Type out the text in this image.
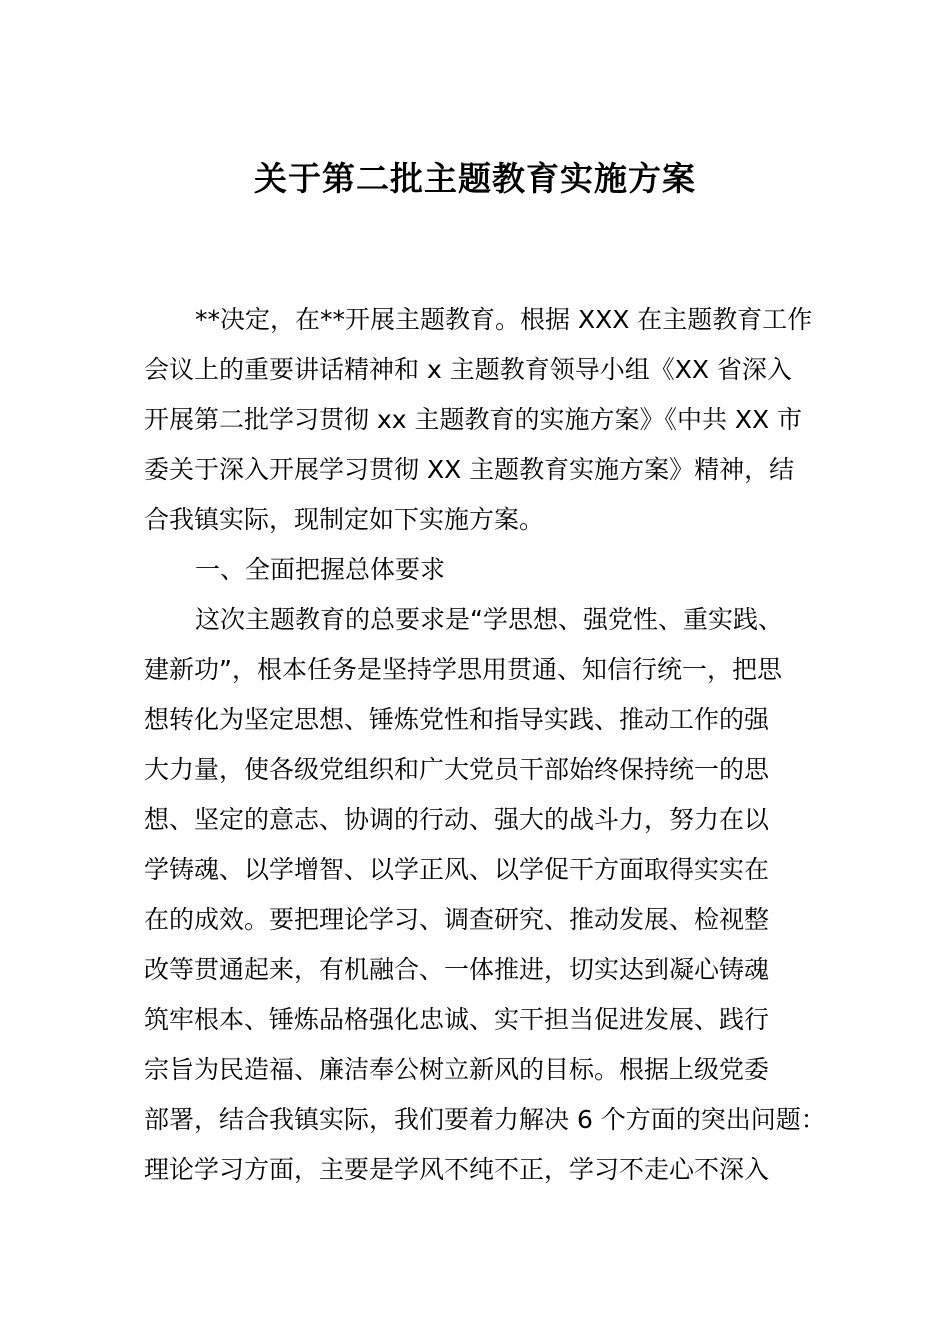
关于第二批主题教育实施方案
**决定，在**开展主题教育。根据 XXX 在主题教育工作
会议上的重要讲话精神和 x 主题教育领导小组《XX 省深入
开展第二批学习贯彻 xx 主题教育的实施方案》《中共 XX 市
委关于深入开展学习贯彻 XX 主题教育实施方案》精神，结
合我镇实际，现制定如下实施方案。
一、全面把握总体要求
这次主题教育的总要求是“学思想、强党性、重实践、
建新功”，根本任务是坚持学思用贯通、知信行统一，把思
想转化为坚定思想、锤炼党性和指导实践、推动工作的强
大力量，使各级党组织和广大党员干部始终保持统一的思
想、坚定的意志、协调的行动、强大的战斗力，努力在以
学铸魂、以学增智、以学正风、以学促干方面取得实实在
在的成效。要把理论学习、调查研究、推动发展、检视整
改等贯通起来，有机融合、一体推进，切实达到凝心铸魂
筑牢根本、锤炼品格强化忠诚、实干担当促进发展、践行
宗旨为民造福、廉洁奉公树立新风的目标。根据上级党委
部署，结合我镇实际，我们要着力解决 6 个方面的突出问题：
理论学习方面，主要是学风不纯不正，学习不走心不深入
